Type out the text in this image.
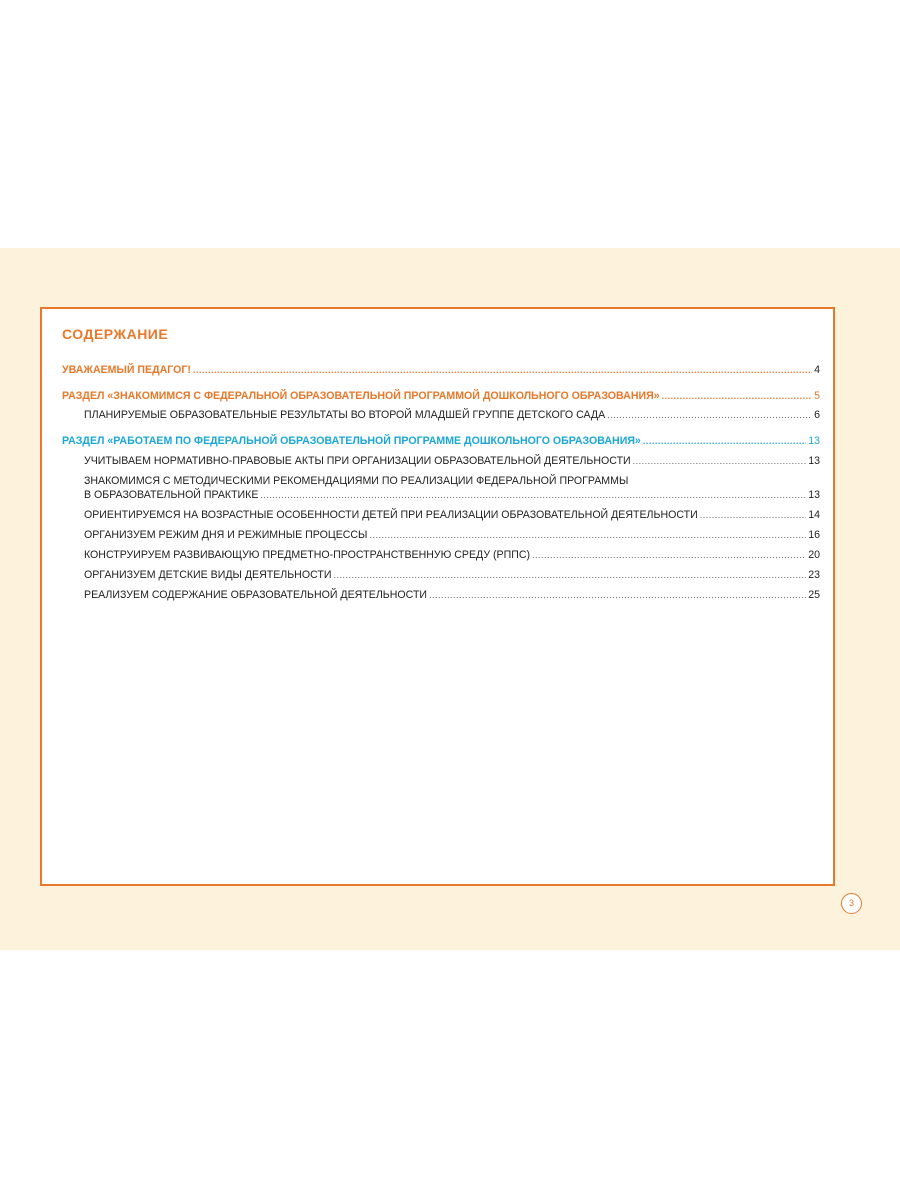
СОДЕРЖАНИЕ
УВАЖАЕМЫЙ ПЕДАГОГ! .....	4
РАЗДЕЛ «ЗНАКОМИМСЯ С ФЕДЕРАЛЬНОЙ ОБРАЗОВАТЕЛЬНОЙ ПРОГРАММОЙ ДОШКОЛЬНОГО ОБРАЗОВАНИЯ» .....	5
ПЛАНИРУЕМЫЕ ОБРАЗОВАТЕЛЬНЫЕ РЕЗУЛЬТАТЫ ВО ВТОРОЙ МЛАДШЕЙ ГРУППЕ ДЕТСКОГО САДА .....	6
РАЗДЕЛ «РАБОТАЕМ ПО ФЕДЕРАЛЬНОЙ ОБРАЗОВАТЕЛЬНОЙ ПРОГРАММЕ ДОШКОЛЬНОГО ОБРАЗОВАНИЯ» .....	13
УЧИТЫВАЕМ НОРМАТИВНО-ПРАВОВЫЕ АКТЫ ПРИ ОРГАНИЗАЦИИ ОБРАЗОВАТЕЛЬНОЙ ДЕЯТЕЛЬНОСТИ .....	13
ЗНАКОМИМСЯ С МЕТОДИЧЕСКИМИ РЕКОМЕНДАЦИЯМИ ПО РЕАЛИЗАЦИИ ФЕДЕРАЛЬНОЙ ПРОГРАММЫ
В ОБРАЗОВАТЕЛЬНОЙ ПРАКТИКЕ .....	13
ОРИЕНТИРУЕМСЯ НА ВОЗРАСТНЫЕ ОСОБЕННОСТИ ДЕТЕЙ ПРИ РЕАЛИЗАЦИИ ОБРАЗОВАТЕЛЬНОЙ ДЕЯТЕЛЬНОСТИ .....	14
ОРГАНИЗУЕМ РЕЖИМ ДНЯ И РЕЖИМНЫЕ ПРОЦЕССЫ .....	16
КОНСТРУИРУЕМ РАЗВИВАЮЩУЮ ПРЕДМЕТНО-ПРОСТРАНСТВЕННУЮ СРЕДУ (РППС) .....	20
ОРГАНИЗУЕМ ДЕТСКИЕ ВИДЫ ДЕЯТЕЛЬНОСТИ .....	23
РЕАЛИЗУЕМ СОДЕРЖАНИЕ ОБРАЗОВАТЕЛЬНОЙ ДЕЯТЕЛЬНОСТИ .....	25
3
